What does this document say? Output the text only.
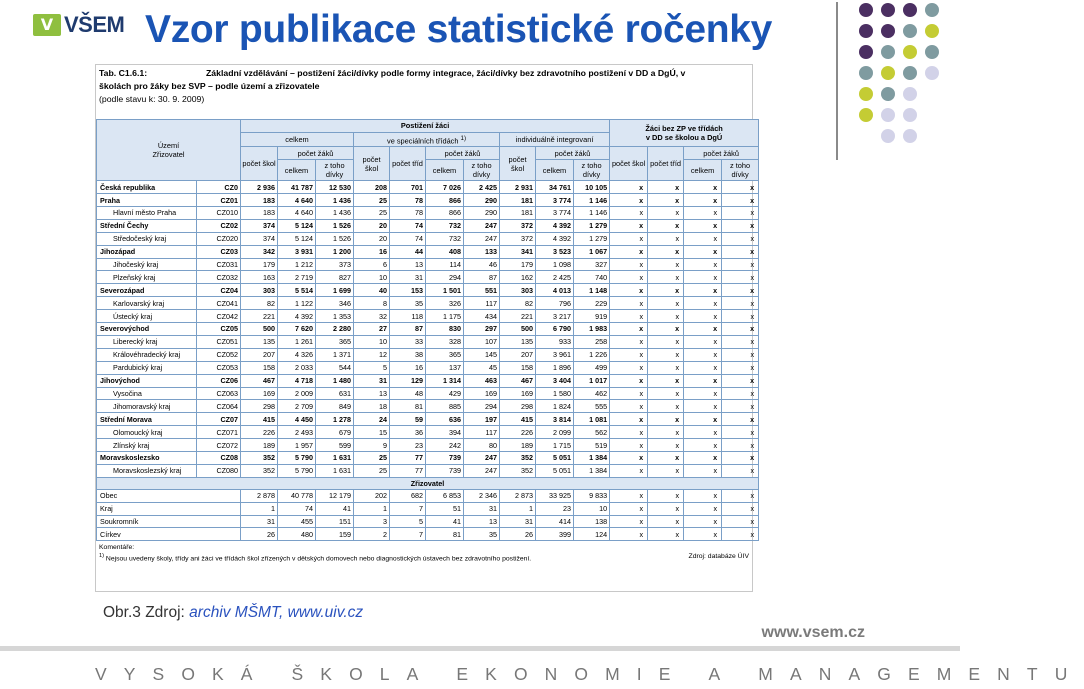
V VŠEM Vzor publikace statistické ročenky
Tab. C1.6.1:	Základní vzdělávání – postižení žáci/dívky podle formy integrace, žáci/dívky bez zdravotního postižení v DD a DgÚ, v
školách pro žáky bez SVP – podle území a zřizovatele
(podle stavu k: 30. 9. 2009)
Území
Zřizovatel		Postižení žáci										Žáci bez ZP ve třídách
v DD se školou a DgÚ			
		celkem			ve speciálních třídách $^{1)}$				individuálně integrovaní						
		počet škol	počet žáků		počet škol	počet tříd	počet žáků		počet škol	počet žáků		počet škol	počet tříd	počet žáků	
			celkem	z toho dívky			celkem	z toho dívky		celkem	z toho dívky			celkem	z toho dívky
Česká republika	CZ0	2 936	41 787	12 530	208	701	7 026	2 425	2 931	34 761	10 105	x	x	x	x
Praha	CZ01	183	4 640	1 436	25	78	866	290	181	3 774	1 146	x	x	x	x
Hlavní město Praha	CZ010	183	4 640	1 436	25	78	866	290	181	3 774	1 146	x	x	x	x
Střední Čechy	CZ02	374	5 124	1 526	20	74	732	247	372	4 392	1 279	x	x	x	x
Středočeský kraj	CZ020	374	5 124	1 526	20	74	732	247	372	4 392	1 279	x	x	x	x
Jihozápad	CZ03	342	3 931	1 200	16	44	408	133	341	3 523	1 067	x	x	x	x
Jihočeský kraj	CZ031	179	1 212	373	6	13	114	46	179	1 098	327	x	x	x	x
Plzeňský kraj	CZ032	163	2 719	827	10	31	294	87	162	2 425	740	x	x	x	x
Severozápad	CZ04	303	5 514	1 699	40	153	1 501	551	303	4 013	1 148	x	x	x	x
Karlovarský kraj	CZ041	82	1 122	346	8	35	326	117	82	796	229	x	x	x	x
Ústecký kraj	CZ042	221	4 392	1 353	32	118	1 175	434	221	3 217	919	x	x	x	x
Severovýchod	CZ05	500	7 620	2 280	27	87	830	297	500	6 790	1 983	x	x	x	x
Liberecký kraj	CZ051	135	1 261	365	10	33	328	107	135	933	258	x	x	x	x
Královéhradecký kraj	CZ052	207	4 326	1 371	12	38	365	145	207	3 961	1 226	x	x	x	x
Pardubický kraj	CZ053	158	2 033	544	5	16	137	45	158	1 896	499	x	x	x	x
Jihovýchod	CZ06	467	4 718	1 480	31	129	1 314	463	467	3 404	1 017	x	x	x	x
Vysočina	CZ063	169	2 009	631	13	48	429	169	169	1 580	462	x	x	x	x
Jihomoravský kraj	CZ064	298	2 709	849	18	81	885	294	298	1 824	555	x	x	x	x
Střední Morava	CZ07	415	4 450	1 278	24	59	636	197	415	3 814	1 081	x	x	x	x
Olomoucký kraj	CZ071	226	2 493	679	15	36	394	117	226	2 099	562	x	x	x	x
Zlínský kraj	CZ072	189	1 957	599	9	23	242	80	189	1 715	519	x	x	x	x
Moravskoslezsko	CZ08	352	5 790	1 631	25	77	739	247	352	5 051	1 384	x	x	x	x
Moravskoslezský kraj	CZ080	352	5 790	1 631	25	77	739	247	352	5 051	1 384	x	x	x	x
Zřizovatel															
Obec		2 878	40 778	12 179	202	682	6 853	2 346	2 873	33 925	9 833	x	x	x	x
Kraj		1	74	41	1	7	51	31	1	23	10	x	x	x	x
Soukromník		31	455	151	3	5	41	13	31	414	138	x	x	x	x
Církev		26	480	159	2	7	81	35	26	399	124	x	x	x	x
Komentáře:
$^{1)}$ Nejsou uvedeny školy, třídy ani žáci ve třídách škol zřízených v dětských domovech nebo diagnostických ústavech bez zdravotního postižení.	Zdroj: databáze ÚIV
Obr.3 Zdroj: archiv MŠMT, www.uiv.cz
www.vsem.cz
VYSOKÁ ŠKOLA EKONOMIE A MANAGEMENTU
